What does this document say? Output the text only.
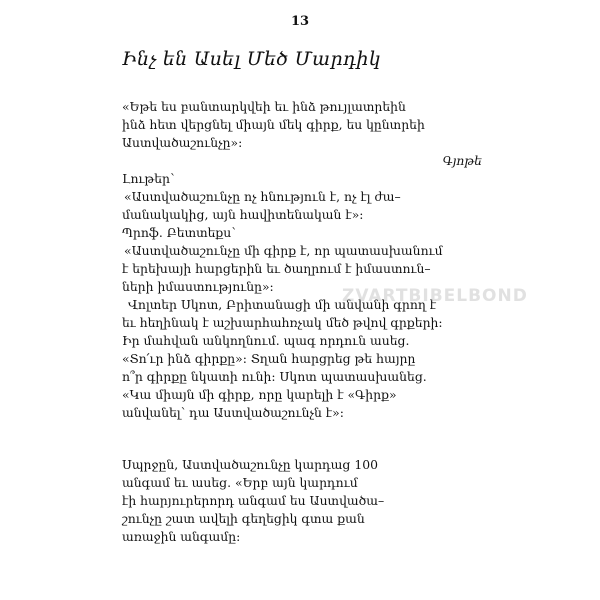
13
Ինչ են Ասել Մեծ Մարդիկ
«Եթե ես բանտարկվեի եւ ինձ թույլատրեին
ինձ հետ վերցնել միայն մեկ գիրք, ես կընտրեի
Աստվածաշունչը»:
Գյոթե
Լութեր՝
«Աստվածաշունչը ոչ հնություն է, ոչ էլ ժա–
մանակակից, այն հավիտենական է»:
Պրոֆ. Բետտեքս՝
«Աստվածաշունչը մի գիրք է, որ պատասխանում
է երեխայի հարցերին եւ ծաղրում է իմաստուն–
ների իմաստությունը»:
Վոլտեր Սկոտ, Բրիտանացի մի անվանի գրող է
եւ հեղինակ է աշխարհահռչակ մեծ թվով գրքերի:
Իր մահվան անկողնում. պագ որդուն ասեց.
«Տո՛ւր ինձ գիրքը»: Տղան հարցրեց թե հայրը
ո՞ր գիրքը նկատի ունի: Սկոտ պատասխանեց.
«Կա միայն մի գիրք, որը կարելի է «Գիրք»
անվանել՝ դա Աստվածաշունչն է»:
Սպրջըն, Աստվածաշունչը կարդաց 100
անգամ եւ ասեց. «Երբ այն կարդում
էի հարյուրերորդ անգամ ես Աստվածա–
շունչը շատ ավելի գեղեցիկ գտա քան
առաջին անգամը:
ZVARTBIBELBOND
